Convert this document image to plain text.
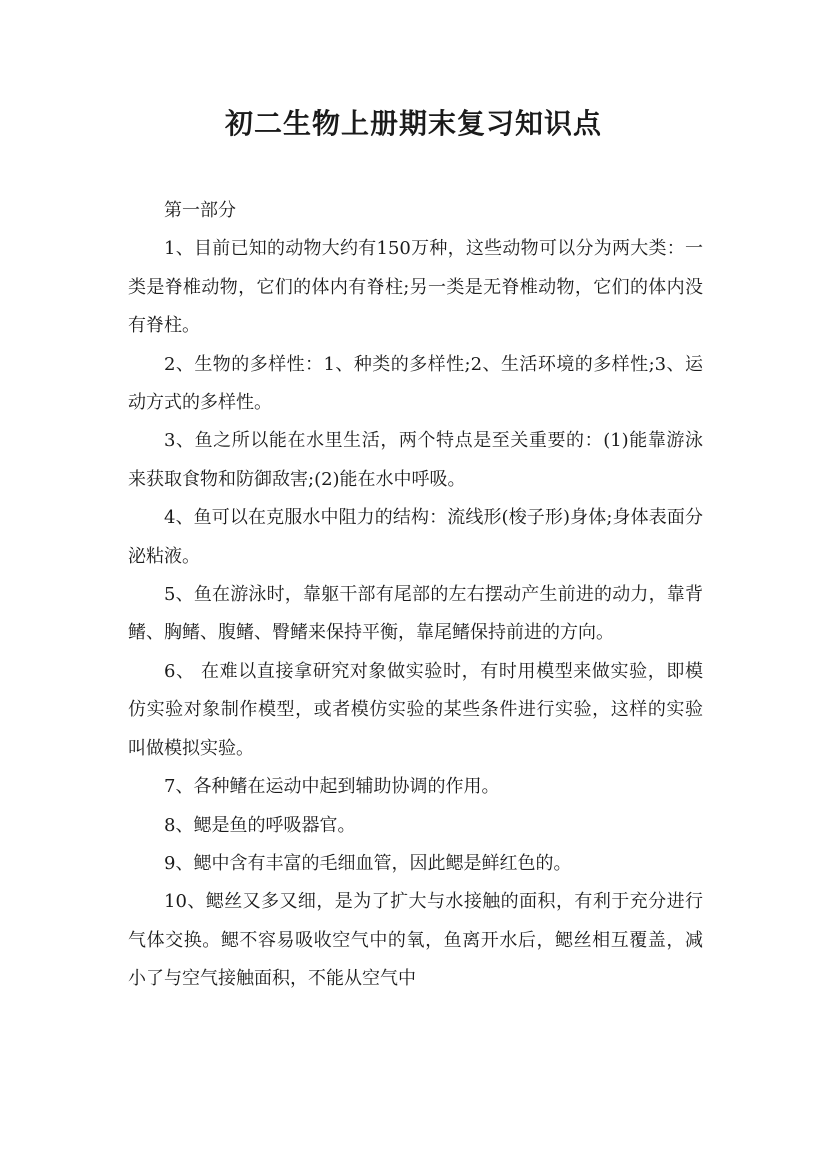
初二生物上册期末复习知识点

第一部分

1、目前已知的动物大约有150万种，这些动物可以分为两大类：一类是脊椎动物，它们的体内有脊柱;另一类是无脊椎动物，它们的体内没有脊柱。

2、生物的多样性：1、种类的多样性;2、生活环境的多样性;3、运动方式的多样性。

3、鱼之所以能在水里生活，两个特点是至关重要的：(1)能靠游泳来获取食物和防御敌害;(2)能在水中呼吸。

4、鱼可以在克服水中阻力的结构：流线形(梭子形)身体;身体表面分泌粘液。

5、鱼在游泳时，靠躯干部有尾部的左右摆动产生前进的动力，靠背鳍、胸鳍、腹鳍、臀鳍来保持平衡，靠尾鳍保持前进的方向。

6、 在难以直接拿研究对象做实验时，有时用模型来做实验，即模仿实验对象制作模型，或者模仿实验的某些条件进行实验，这样的实验叫做模拟实验。

7、各种鳍在运动中起到辅助协调的作用。

8、鳃是鱼的呼吸器官。

9、鳃中含有丰富的毛细血管，因此鳃是鲜红色的。

10、鳃丝又多又细，是为了扩大与水接触的面积，有利于充分进行气体交换。鳃不容易吸收空气中的氧，鱼离开水后，鳃丝相互覆盖，减小了与空气接触面积，不能从空气中
